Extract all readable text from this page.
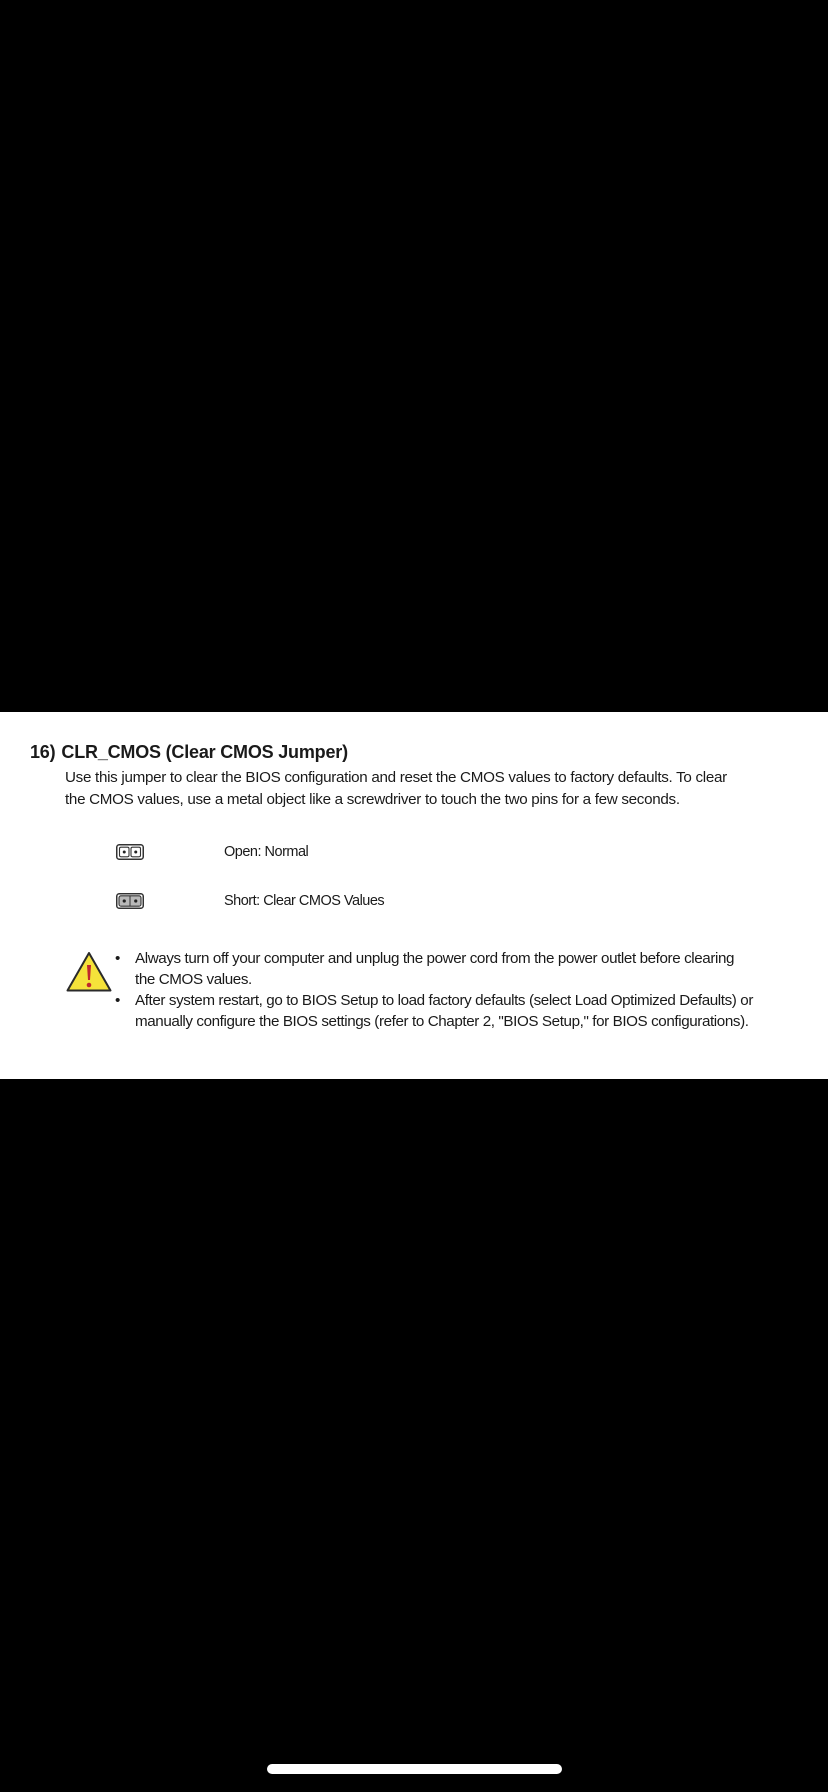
16) CLR_CMOS (Clear CMOS Jumper)
Use this jumper to clear the BIOS configuration and reset the CMOS values to factory defaults. To clear
the CMOS values, use a metal object like a screwdriver to touch the two pins for a few seconds.
Open: Normal
Short: Clear CMOS Values
• Always turn off your computer and unplug the power cord from the power outlet before clearing
the CMOS values.
• After system restart, go to BIOS Setup to load factory defaults (select Load Optimized Defaults) or
manually configure the BIOS settings (refer to Chapter 2, "BIOS Setup," for BIOS configurations).
